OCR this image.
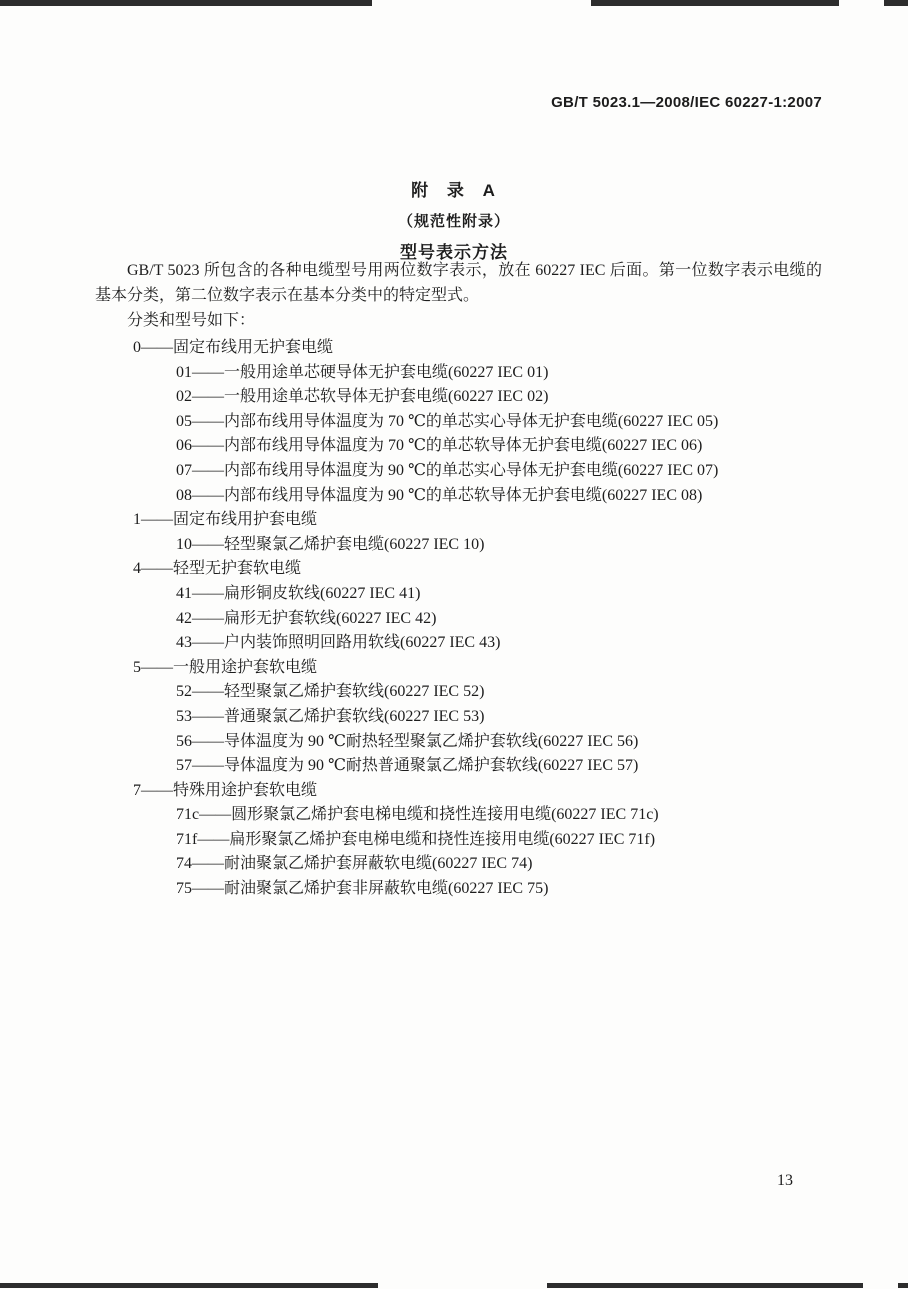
GB/T 5023.1—2008/IEC 60227-1:2007
附 录 A
（规范性附录）
型号表示方法

GB/T 5023 所包含的各种电缆型号用两位数字表示，放在 60227 IEC 后面。第一位数字表示电缆的基本分类，第二位数字表示在基本分类中的特定型式。

分类和型号如下：

0——固定布线用无护套电缆
01——一般用途单芯硬导体无护套电缆(60227 IEC 01)
02——一般用途单芯软导体无护套电缆(60227 IEC 02)
05——内部布线用导体温度为 70 ℃的单芯实心导体无护套电缆(60227 IEC 05)
06——内部布线用导体温度为 70 ℃的单芯软导体无护套电缆(60227 IEC 06)
07——内部布线用导体温度为 90 ℃的单芯实心导体无护套电缆(60227 IEC 07)
08——内部布线用导体温度为 90 ℃的单芯软导体无护套电缆(60227 IEC 08)
1——固定布线用护套电缆
10——轻型聚氯乙烯护套电缆(60227 IEC 10)
4——轻型无护套软电缆
41——扁形铜皮软线(60227 IEC 41)
42——扁形无护套软线(60227 IEC 42)
43——户内装饰照明回路用软线(60227 IEC 43)
5——一般用途护套软电缆
52——轻型聚氯乙烯护套软线(60227 IEC 52)
53——普通聚氯乙烯护套软线(60227 IEC 53)
56——导体温度为 90 ℃耐热轻型聚氯乙烯护套软线(60227 IEC 56)
57——导体温度为 90 ℃耐热普通聚氯乙烯护套软线(60227 IEC 57)
7——特殊用途护套软电缆
71c——圆形聚氯乙烯护套电梯电缆和挠性连接用电缆(60227 IEC 71c)
71f——扁形聚氯乙烯护套电梯电缆和挠性连接用电缆(60227 IEC 71f)
74——耐油聚氯乙烯护套屏蔽软电缆(60227 IEC 74)
75——耐油聚氯乙烯护套非屏蔽软电缆(60227 IEC 75)
13
